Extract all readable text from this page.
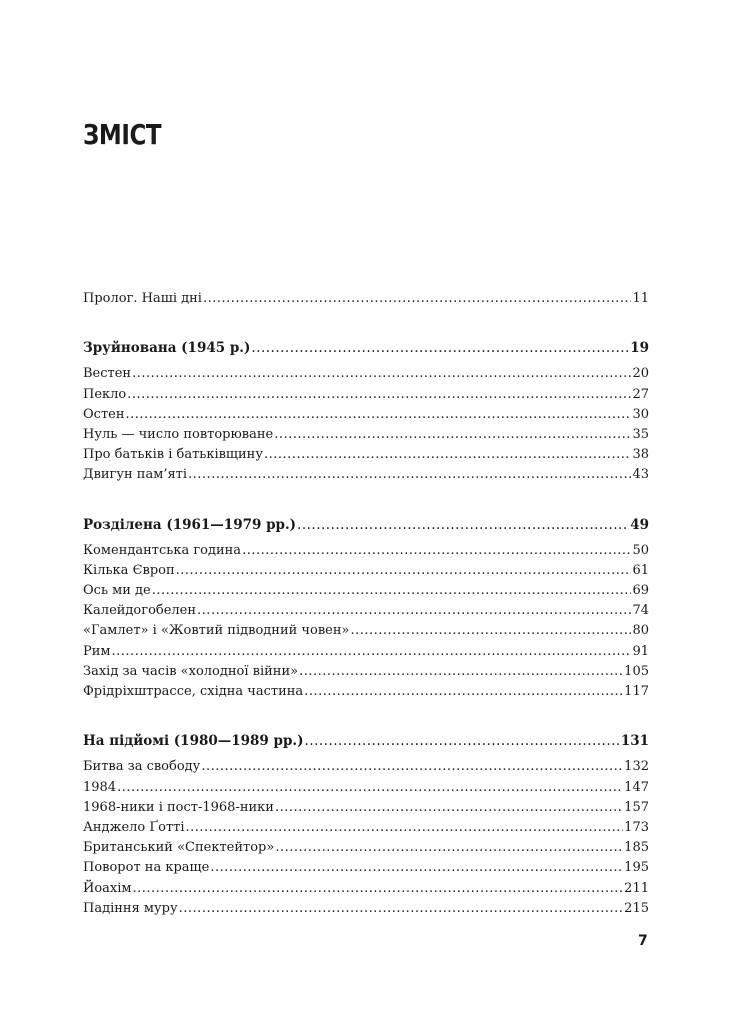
ЗМІСТ
Пролог. Наші дні .....	11
Зруйнована (1945 р.) .....	19
Вестен .....	20
Пекло .....	27
Остен .....	30
Нуль — число повторюване .....	35
Про батьків і батьківщину .....	38
Двигун пам’яті .....	43
Розділена (1961—1979 рр.) .....	49
Комендантська година .....	50
Кілька Європ .....	61
Ось ми де .....	69
Калейдогобелен .....	74
«Гамлет» і «Жовтий підводний човен» .....	80
Рим .....	91
Захід за часів «холодної війни» .....	105
Фрідріхштрассе, східна частина .....	117
На підйомі (1980—1989 рр.) .....	131
Битва за свободу .....	132
1984 .....	147
1968-ники і пост-1968-ники .....	157
Анджело Ґотті .....	173
Британський «Спектейтор» .....	185
Поворот на краще .....	195
Йоахім .....	211
Падіння муру .....	215
7
